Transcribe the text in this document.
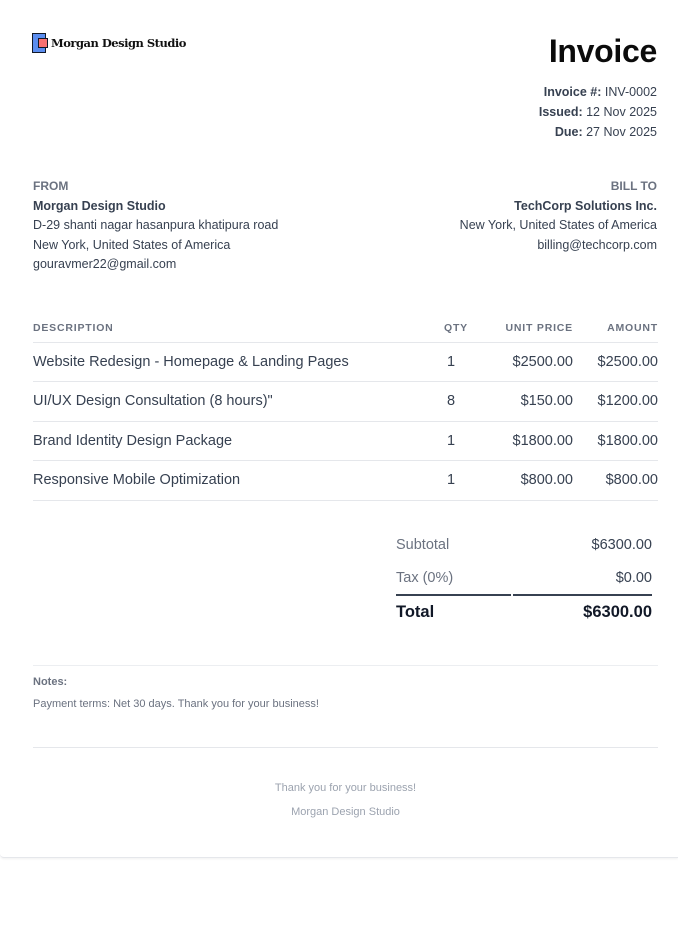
Morgan Design Studio	Invoice
Invoice #: INV-0002
Issued: 12 Nov 2025
Due: 27 Nov 2025
FROM
Morgan Design Studio
D-29 shanti nagar hasanpura khatipura road
New York, United States of America
gouravmer22@gmail.com
BILL TO
TechCorp Solutions Inc.
New York, United States of America
billing@techcorp.com
DESCRIPTION	QTY	UNIT PRICE	AMOUNT
Website Redesign - Homepage & Landing Pages	1	$2500.00	$2500.00
UI/UX Design Consultation (8 hours)"	8	$150.00	$1200.00
Brand Identity Design Package	1	$1800.00	$1800.00
Responsive Mobile Optimization	1	$800.00	$800.00
Subtotal	$6300.00
Tax (0%)	$0.00
Total	$6300.00
Notes:
Payment terms: Net 30 days. Thank you for your business!
Thank you for your business!
Morgan Design Studio
